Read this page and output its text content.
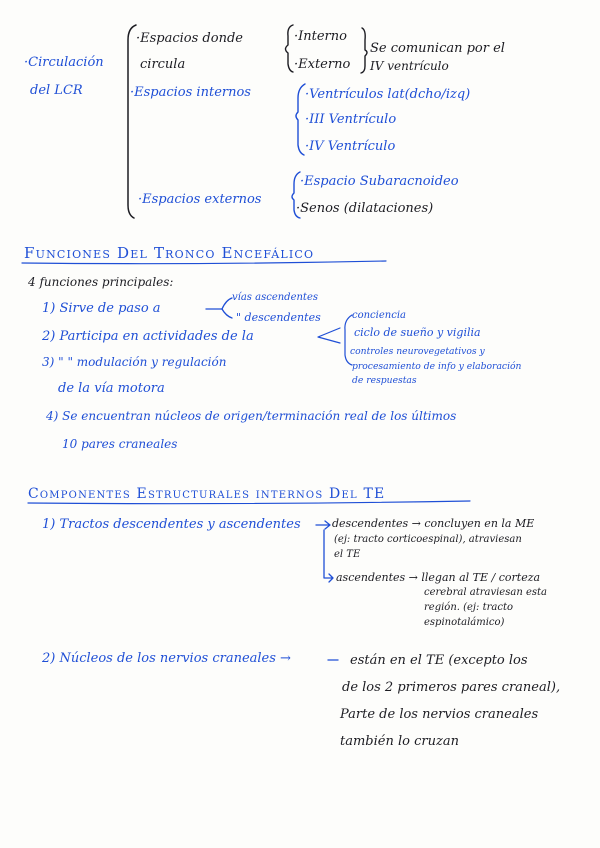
·Circulación
del LCR
·Espacios donde
circula
·Interno
·Externo
Se comunican por el
IV ventrículo
·Espacios internos	·Ventrículos lat(dcho/izq)
·III Ventrículo
·IV Ventrículo
·Espacios externos
·Espacio Subaracnoideo
·Senos (dilataciones)
Funciones Del Tronco Encefálico
4 funciones principales:
1) Sirve de paso a
vías ascendentes
" descendentes
2) Participa en actividades de la
conciencia
ciclo de sueño y vigilia
controles neurovegetativos y
procesamiento de info y elaboración
de respuestas
3) " " modulación y regulación
de la vía motora
4) Se encuentran núcleos de origen/terminación real de los últimos
10 pares craneales
Componentes Estructurales internos Del TE
1) Tractos descendentes y ascendentes	descendentes → concluyen en la ME
(ej: tracto corticoespinal), atraviesan
el TE
ascendentes → llegan al TE / corteza
cerebral atraviesan esta
región. (ej: tracto
espinotalámico)
2) Núcleos de los nervios craneales →	están en el TE (excepto los
de los 2 primeros pares craneal),
Parte de los nervios craneales
también lo cruzan
